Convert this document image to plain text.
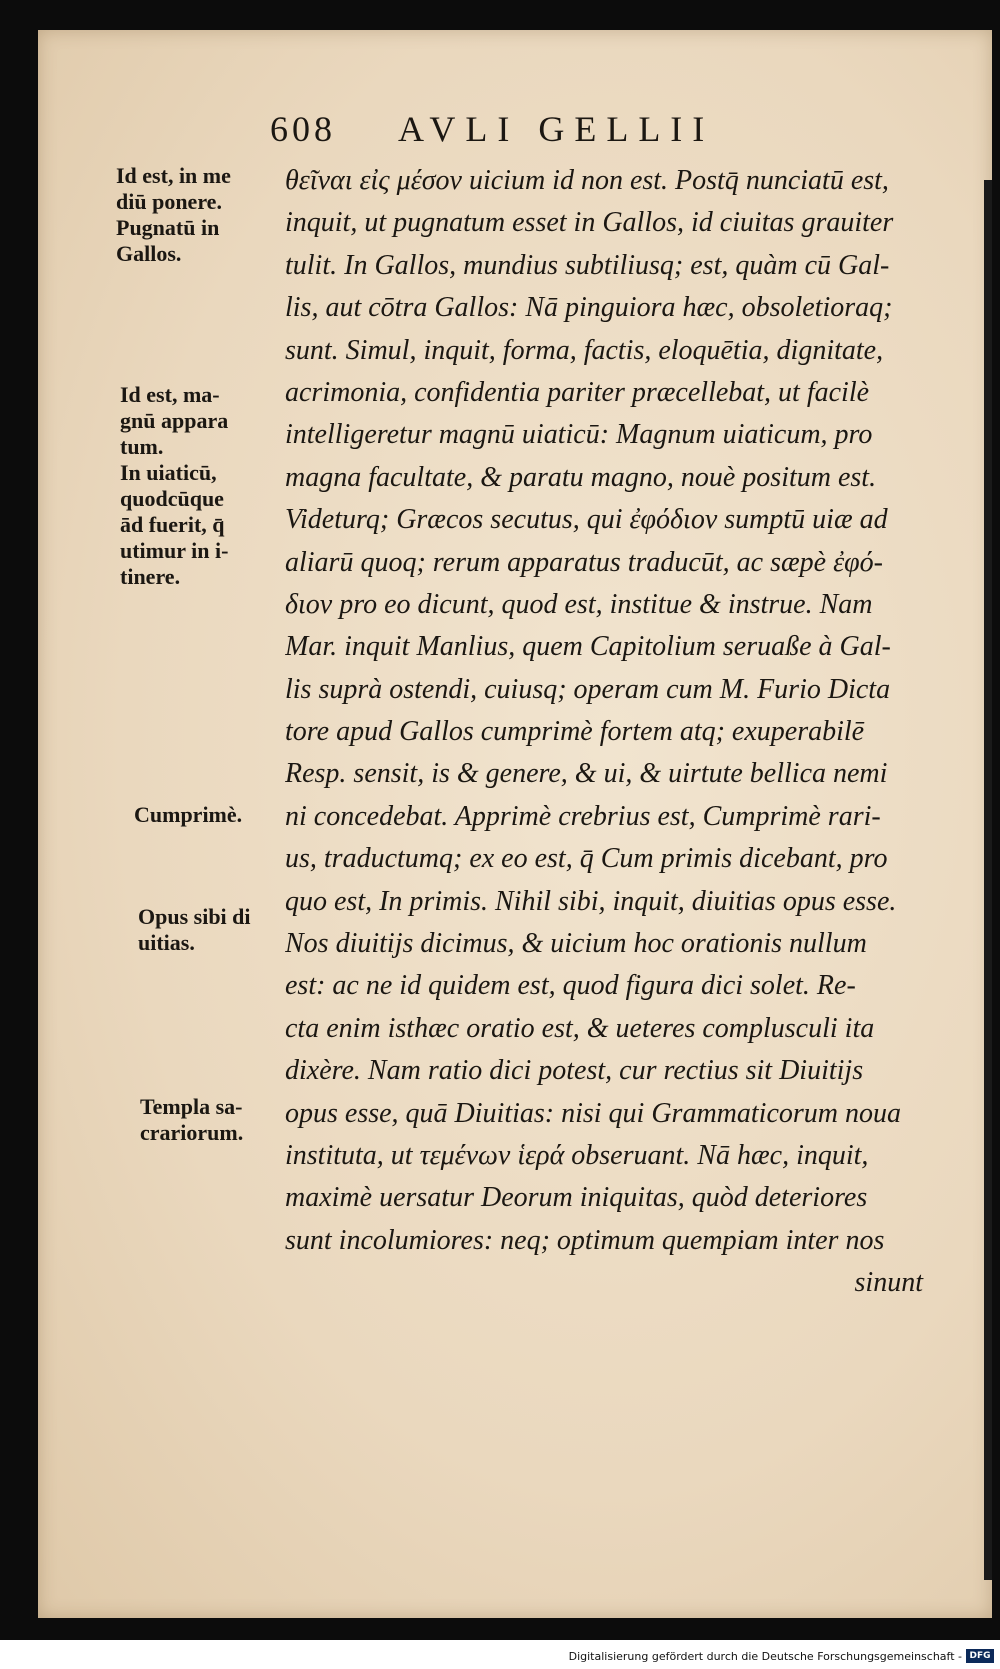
608 AVLI GELLII
Id est, in me
diū ponere.
Pugnatū in
Gallos.
Id est, ma-
gnū appara
tum.
In uiaticū,
quodcūque
ād fuerit, q̄
utimur in i-
tinere.
Cumprimè.
Opus sibi di
uitias.
Templa sa-
crariorum.
θεῖναι εἰς μέσον uicium id non est. Postq̄ nunciatū est,
inquit, ut pugnatum esset in Gallos, id ciuitas grauiter
tulit. In Gallos, mundius subtiliusq; est, quàm cū Gal-
lis, aut cōtra Gallos: Nā pinguiora hæc, obsoletioraq;
sunt. Simul, inquit, forma, factis, eloquētia, dignitate,
acrimonia, confidentia pariter præcellebat, ut facilè
intelligeretur magnū uiaticū: Magnum uiaticum, pro
magna facultate, & paratu magno, nouè positum est.
Videturq; Græcos secutus, qui ἐφόδιον sumptū uiæ ad
aliarū quoq; rerum apparatus traducūt, ac sæpè ἐφό-
διον pro eo dicunt, quod est, institue & instrue. Nam
Mar. inquit Manlius, quem Capitolium seruaße à Gal-
lis suprà ostendi, cuiusq; operam cum M. Furio Dicta
tore apud Gallos cumprimè fortem atq; exuperabilē
Resp. sensit, is & genere, & ui, & uirtute bellica nemi
ni concedebat. Apprimè crebrius est, Cumprimè rari-
us, traductumq; ex eo est, q̄ Cum primis dicebant, pro
quo est, In primis. Nihil sibi, inquit, diuitias opus esse.
Nos diuitijs dicimus, & uicium hoc orationis nullum
est: ac ne id quidem est, quod figura dici solet. Re-
cta enim isthæc oratio est, & ueteres complusculi ita
dixère. Nam ratio dici potest, cur rectius sit Diuitijs
opus esse, quā Diuitias: nisi qui Grammaticorum noua
instituta, ut τεμένων ἱερά obseruant. Nā hæc, inquit,
maximè uersatur Deorum iniquitas, quòd deteriores
sunt incolumiores: neq; optimum quempiam inter nos
sinunt
Digitalisierung gefördert durch die Deutsche Forschungsgemeinschaft - DFG
